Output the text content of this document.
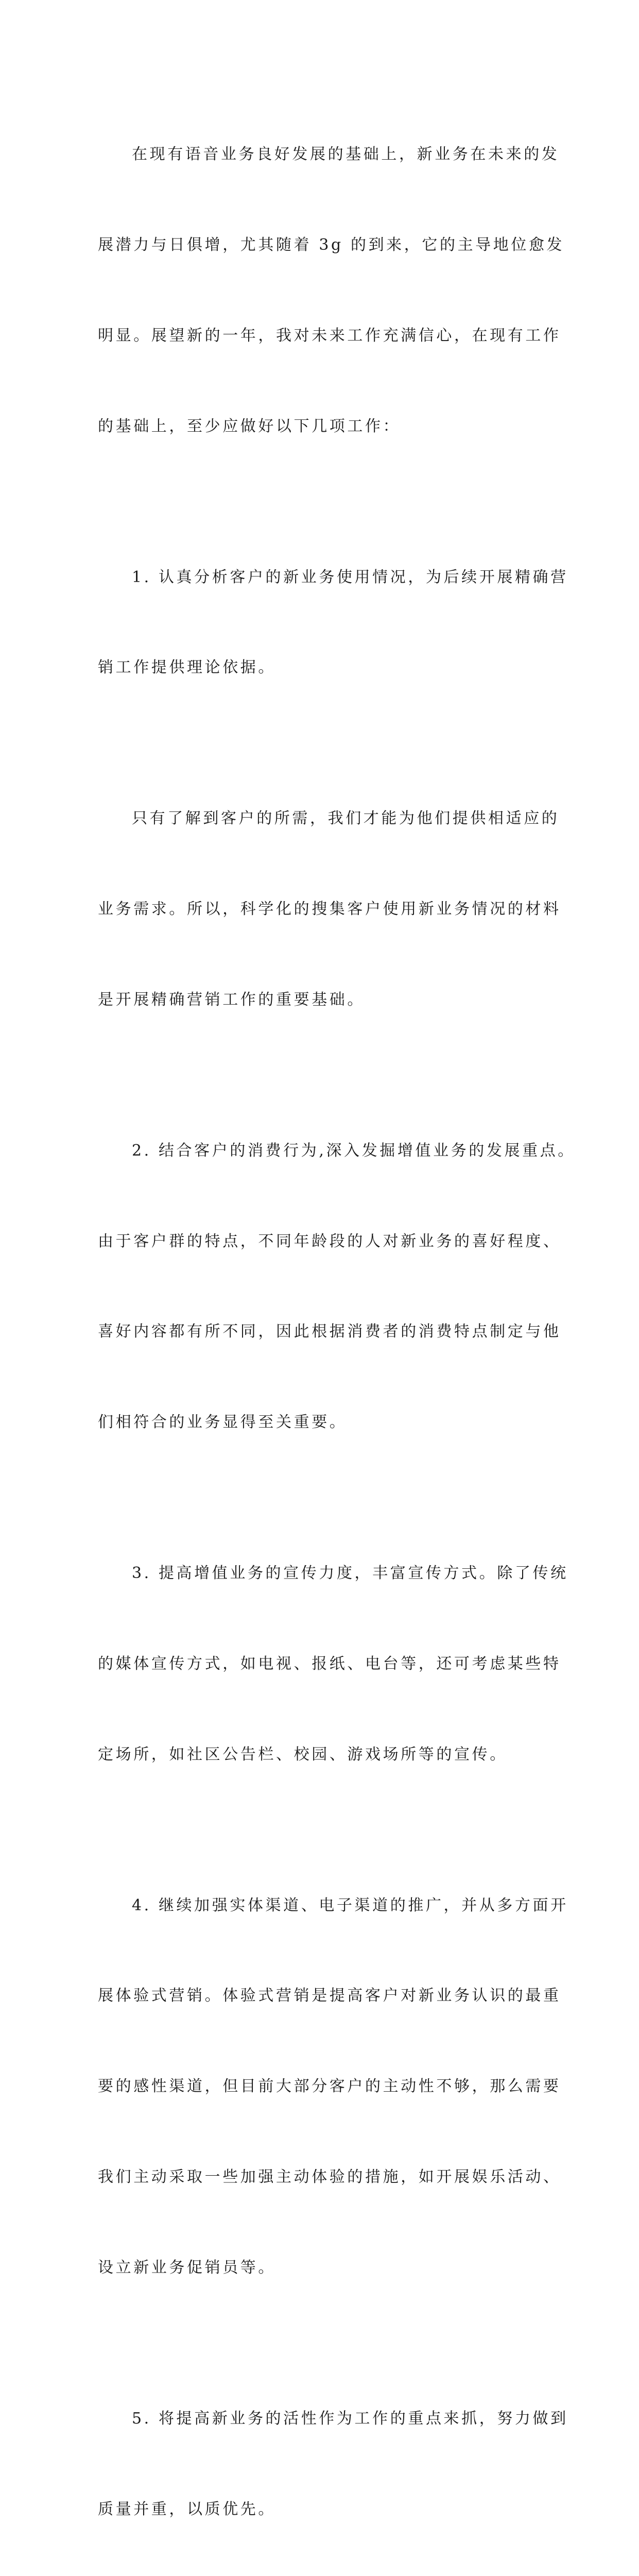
在现有语音业务良好发展的基础上，新业务在未来的发

展潜力与日俱增，尤其随着 3g 的到来，它的主导地位愈发

明显。展望新的一年，我对未来工作充满信心，在现有工作

的基础上，至少应做好以下几项工作：

1. 认真分析客户的新业务使用情况，为后续开展精确营

销工作提供理论依据。

只有了解到客户的所需，我们才能为他们提供相适应的

业务需求。所以，科学化的搜集客户使用新业务情况的材料

是开展精确营销工作的重要基础。

2. 结合客户的消费行为,深入发掘增值业务的发展重点。

由于客户群的特点，不同年龄段的人对新业务的喜好程度、

喜好内容都有所不同，因此根据消费者的消费特点制定与他

们相符合的业务显得至关重要。

3. 提高增值业务的宣传力度，丰富宣传方式。除了传统

的媒体宣传方式，如电视、报纸、电台等，还可考虑某些特

定场所，如社区公告栏、校园、游戏场所等的宣传。

4. 继续加强实体渠道、电子渠道的推广，并从多方面开

展体验式营销。体验式营销是提高客户对新业务认识的最重

要的感性渠道，但目前大部分客户的主动性不够，那么需要

我们主动采取一些加强主动体验的措施，如开展娱乐活动、

设立新业务促销员等。

5. 将提高新业务的活性作为工作的重点来抓，努力做到

质量并重，以质优先。
